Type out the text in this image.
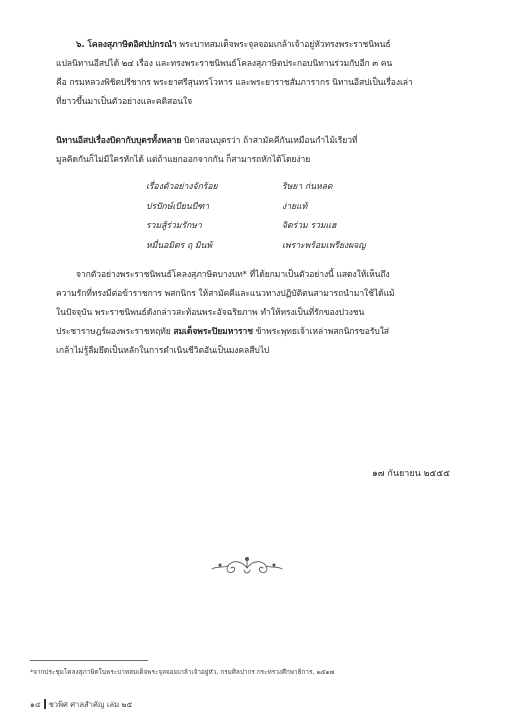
๖. โคลงสุภาษิตอิศปปกรณำ พระบาทสมเด็จพระจุลจอมเกล้าเจ้าอยู่หัวทรงพระราชนิพนธ์
แปลนิทานอีสปได้ ๒๔ เรื่อง และทรงพระราชนิพนธ์โคลงสุภาษิตประกอบนิทานร่วมกับอีก ๓ คน
คือ กรมหลวงพิชิตปรีชากร พระยาศรีสุนทรโวหาร และพระยาราชสัมภารากร นิทานอีสปเป็นเรื่องเล่า
ที่ยาวขึ้นมาเป็นตัวอย่างและคติสอนใจ
นิทานอีสปเรื่องบิดากับบุตรทั้งหลาย บิดาสอนบุตรว่า ถ้าสามัคคีกันเหมือนกำไม้เรียวที่
มูลคิดกันก็ไม่มีใครหักได้ แต่ถ้าแยกออกจากกัน ก็สามารถหักได้โดยง่าย
เรื่องตัวอย่างจักร้อย	ริษยา ก่นหลด
ปรปักษ์เบียนบีฑา	ง่ายแท้
รวมสู้ร่วมรักษา	จิตร่วม รวมแฮ
หมื่นอมิตร ฤ มินพ้	เพราะพร้อมเพรียงผจญ
จากตัวอย่างพระราชนิพนธ์โคลงสุภาษิตบางบท* ที่ได้ยกมาเป็นตัวอย่างนี้ แสดงให้เห็นถึง
ความรักที่ทรงมีต่อข้าราชการ พสกนิกร ให้สามัคคีและแนวทางปฏิบัติตนสามารถนำมาใช้ได้แม้
ในปัจจุบัน พระราชนิพนธ์ดังกล่าวสะท้อนพระอัจฉริยภาพ ทำให้ทรงเป็นที่รักของปวงชน
ประชาราษฎร์ผองพระราชหฤทัย สมเด็จพระปิยมหาราช ข้าพระพุทธเจ้าเหล่าพสกนิกรขอรับใส่
เกล้าไม่รู้ลืมยึดเป็นหลักในการดำเนินชีวิตอันเป็นมงคลสืบไป
๑๗ กันยายน ๒๕๕๕
*จากประชุมโคลงสุภาษิตในพระบาทสมเด็จพระจุลจอมเกล้าเจ้าอยู่หัว, กรมศิลปากร กระทรวงศึกษาธิการ, ๒๕๑๗
๑๔ ชวพิศ ศาลสำคัญ เล่ม ๒๕
